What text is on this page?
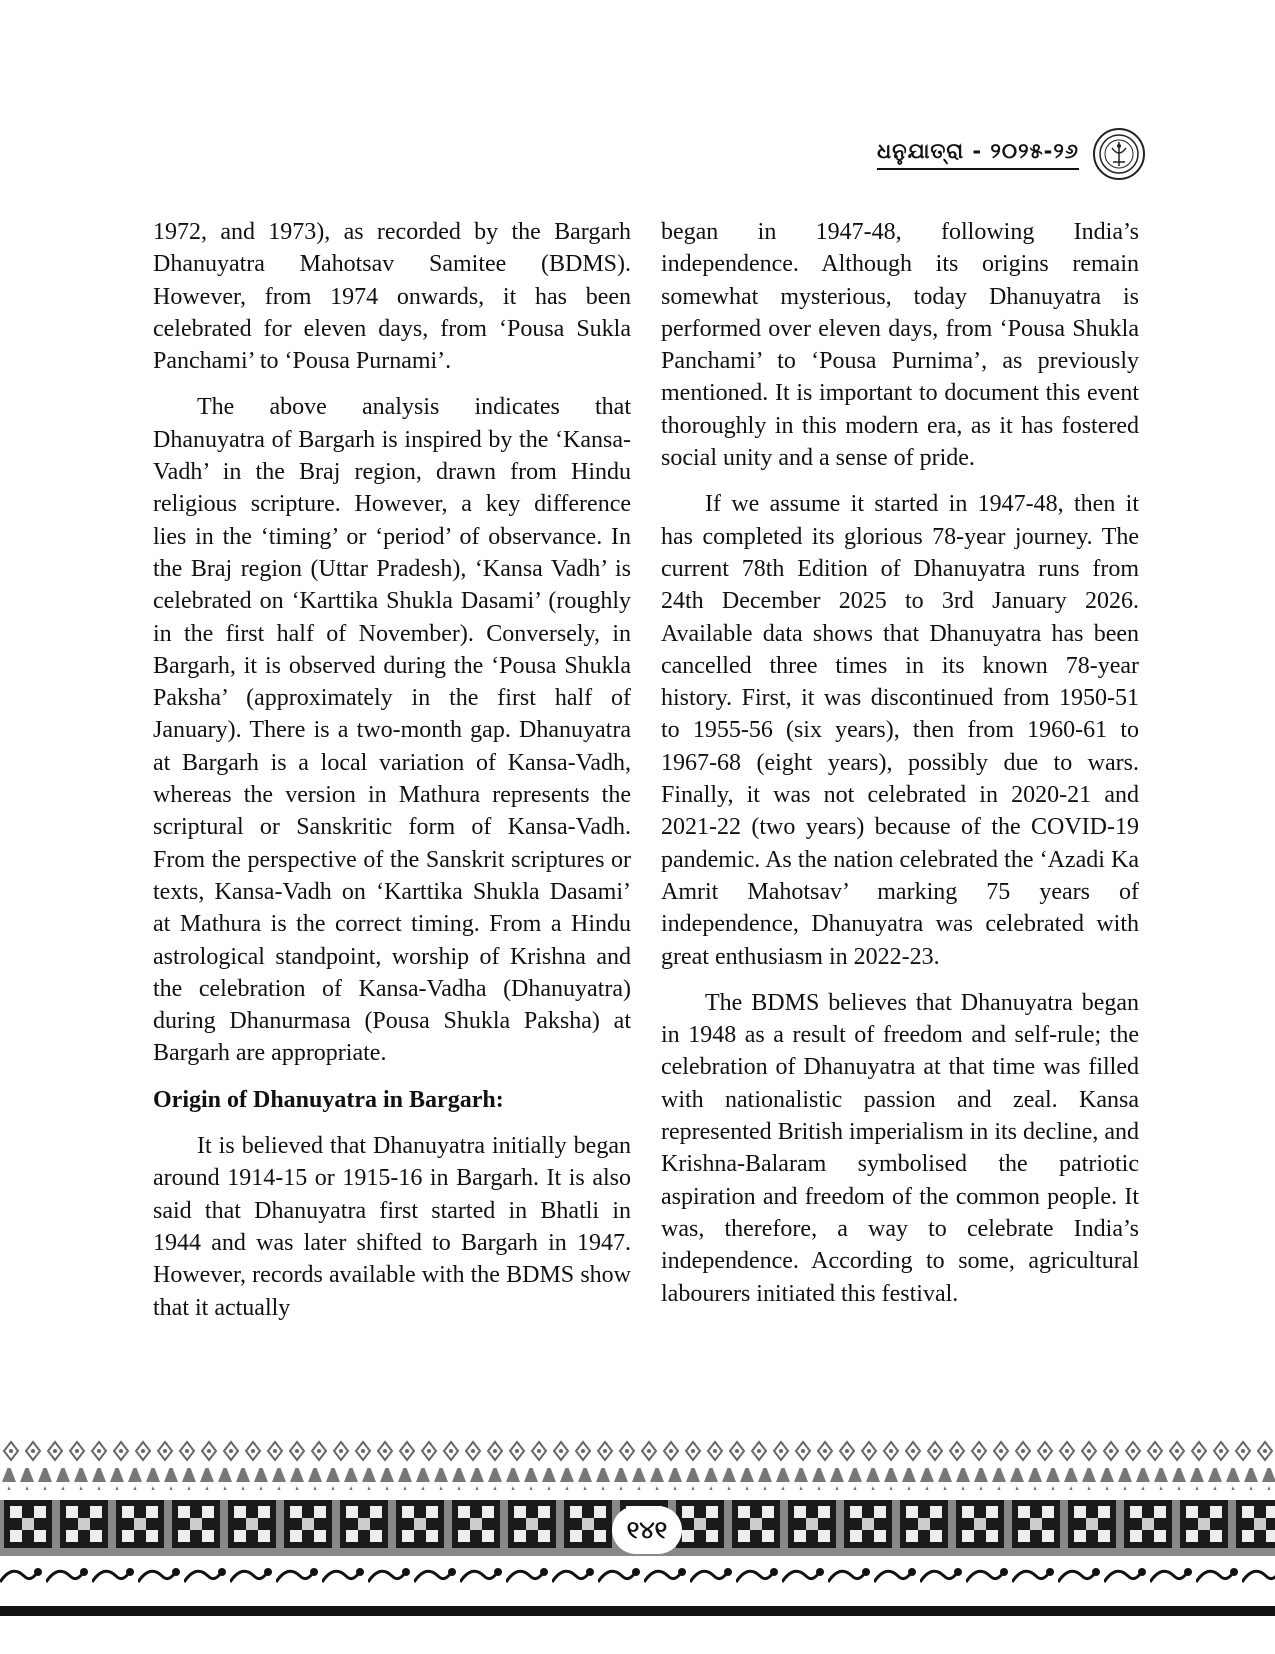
ଧନୁଯାତ୍ରା - ୨୦୨୫-୨୬

1972, and 1973), as recorded by the Bargarh Dhanuyatra Mahotsav Samitee (BDMS). However, from 1974 onwards, it has been celebrated for eleven days, from ‘Pousa Sukla Panchami’ to ‘Pousa Purnami’.

The above analysis indicates that Dhanuyatra of Bargarh is inspired by the ‘Kansa-Vadh’ in the Braj region, drawn from Hindu religious scripture. However, a key difference lies in the ‘timing’ or ‘period’ of observance. In the Braj region (Uttar Pradesh), ‘Kansa Vadh’ is celebrated on ‘Karttika Shukla Dasami’ (roughly in the first half of November). Conversely, in Bargarh, it is observed during the ‘Pousa Shukla Paksha’ (approximately in the first half of January). There is a two-month gap. Dhanuyatra at Bargarh is a local variation of Kansa-Vadh, whereas the version in Mathura represents the scriptural or Sanskritic form of Kansa-Vadh. From the perspective of the Sanskrit scriptures or texts, Kansa-Vadh on ‘Karttika Shukla Dasami’ at Mathura is the correct timing. From a Hindu astrological standpoint, worship of Krishna and the celebration of Kansa-Vadha (Dhanuyatra) during Dhanurmasa (Pousa Shukla Paksha) at Bargarh are appropriate.

Origin of Dhanuyatra in Bargarh:

It is believed that Dhanuyatra initially began around 1914-15 or 1915-16 in Bargarh. It is also said that Dhanuyatra first started in Bhatli in 1944 and was later shifted to Bargarh in 1947. However, records available with the BDMS show that it actually

began in 1947-48, following India’s independence. Although its origins remain somewhat mysterious, today Dhanuyatra is performed over eleven days, from ‘Pousa Shukla Panchami’ to ‘Pousa Purnima’, as previously mentioned. It is important to document this event thoroughly in this modern era, as it has fostered social unity and a sense of pride.

If we assume it started in 1947-48, then it has completed its glorious 78-year journey. The current 78th Edition of Dhanuyatra runs from 24th December 2025 to 3rd January 2026. Available data shows that Dhanuyatra has been cancelled three times in its known 78-year history. First, it was discontinued from 1950-51 to 1955-56 (six years), then from 1960-61 to 1967-68 (eight years), possibly due to wars. Finally, it was not celebrated in 2020-21 and 2021-22 (two years) because of the COVID-19 pandemic. As the nation celebrated the ‘Azadi Ka Amrit Mahotsav’ marking 75 years of independence, Dhanuyatra was celebrated with great enthusiasm in 2022-23.

The BDMS believes that Dhanuyatra began in 1948 as a result of freedom and self-rule; the celebration of Dhanuyatra at that time was filled with nationalistic passion and zeal. Kansa represented British imperialism in its decline, and Krishna-Balaram symbolised the patriotic aspiration and freedom of the common people. It was, therefore, a way to celebrate India’s independence. According to some, agricultural labourers initiated this festival.

୧୪୧
